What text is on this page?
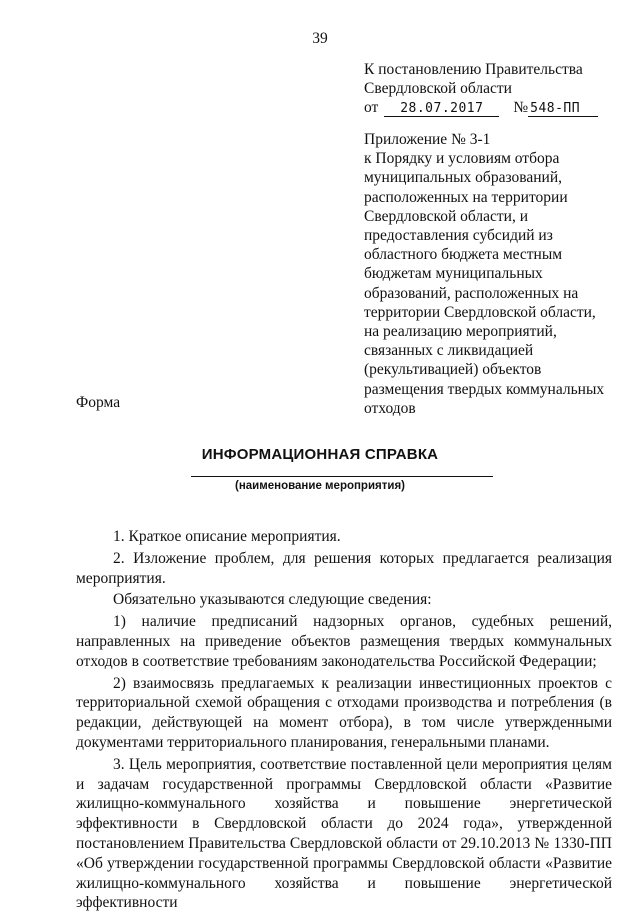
39
К постановлению Правительства
Свердловской области
от 28.07.2017 № 548-ПП
Приложение № 3-1
к Порядку и условиям отбора
муниципальных образований,
расположенных на территории
Свердловской области, и
предоставления субсидий из
областного бюджета местным
бюджетам муниципальных
образований, расположенных на
территории Свердловской области,
на реализацию мероприятий,
связанных с ликвидацией
(рекультивацией) объектов
размещения твердых коммунальных
отходов
Форма
ИНФОРМАЦИОННАЯ СПРАВКА
(наименование мероприятия)

1. Краткое описание мероприятия.

2. Изложение проблем, для решения которых предлагается реализация мероприятия.

Обязательно указываются следующие сведения:

1) наличие предписаний надзорных органов, судебных решений, направленных на приведение объектов размещения твердых коммунальных отходов в соответствие требованиям законодательства Российской Федерации;

2) взаимосвязь предлагаемых к реализации инвестиционных проектов с территориальной схемой обращения с отходами производства и потребления (в редакции, действующей на момент отбора), в том числе утвержденными документами территориального планирования, генеральными планами.

3. Цель мероприятия, соответствие поставленной цели мероприятия целям и задачам государственной программы Свердловской области «Развитие жилищно-коммунального хозяйства и повышение энергетической эффективности в Свердловской области до 2024 года», утвержденной постановлением Правительства Свердловской области от 29.10.2013 № 1330-ПП «Об утверждении государственной программы Свердловской области «Развитие жилищно-коммунального хозяйства и повышение энергетической эффективности
